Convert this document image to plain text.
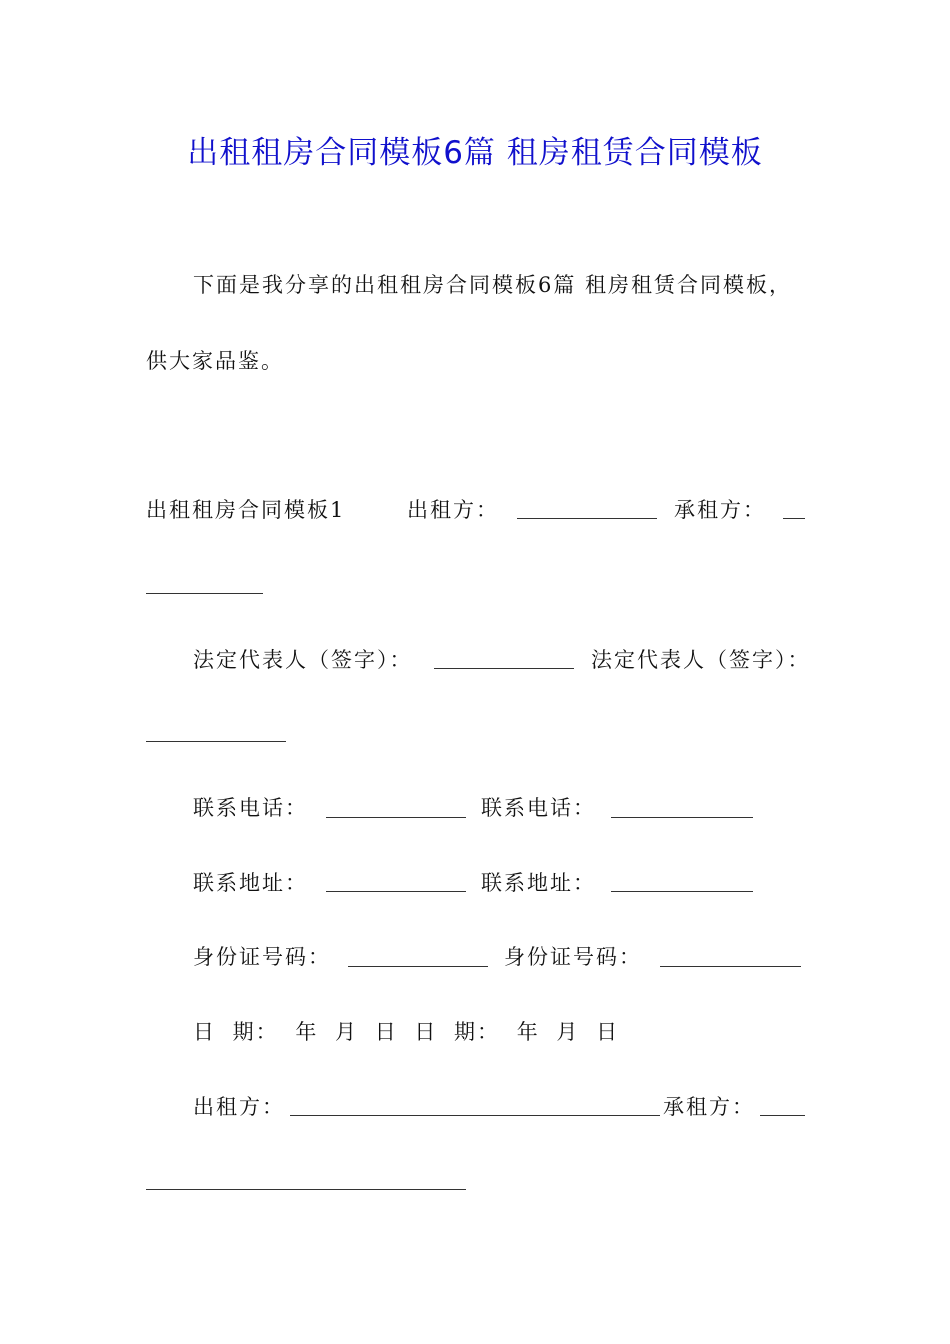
出租租房合同模板6篇 租房租赁合同模板
下面是我分享的出租租房合同模板6篇 租房租赁合同模板，
供大家品鉴。
出租租房合同模板1	出租方：	承租方：
法定代表人（签字）：	法定代表人（签字）：
联系电话：	联系电话：
联系地址：	联系地址：
身份证号码：	身份证号码：
日 期： 年 月 日 日 期： 年 月 日
出租方：	承租方：
